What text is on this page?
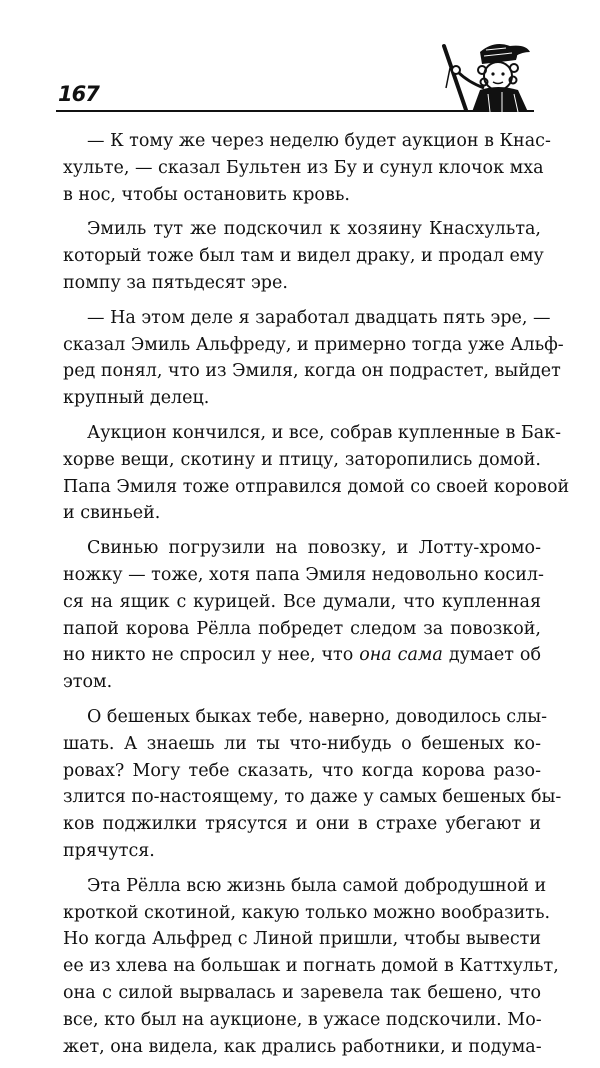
167

— К тому же через неделю будет аукцион в Кнас-
хульте, — сказал Бультен из Бу и сунул клочок мха
в нос, чтобы остановить кровь.

Эмиль тут же подскочил к хозяину Кнасхульта,
который тоже был там и видел драку, и продал ему
помпу за пятьдесят эре.

— На этом деле я заработал двадцать пять эре, —
сказал Эмиль Альфреду, и примерно тогда уже Альф-
ред понял, что из Эмиля, когда он подрастет, выйдет
крупный делец.

Аукцион кончился, и все, собрав купленные в Бак-
хорве вещи, скотину и птицу, заторопились домой.
Папа Эмиля тоже отправился домой со своей коровой
и свиньей.

Свинью погрузили на повозку, и Лотту-хромо-
ножку — тоже, хотя папа Эмиля недовольно косил-
ся на ящик с курицей. Все думали, что купленная
папой корова Рёлла побредет следом за повозкой,
но никто не спросил у нее, что она сама думает об
этом.

О бешеных быках тебе, наверно, доводилось слы-
шать. А знаешь ли ты что-нибудь о бешеных ко-
ровах? Могу тебе сказать, что когда корова разо-
злится по-настоящему, то даже у самых бешеных бы-
ков поджилки трясутся и они в страхе убегают и
прячутся.

Эта Рёлла всю жизнь была самой добродушной и
кроткой скотиной, какую только можно вообразить.
Но когда Альфред с Линой пришли, чтобы вывести
ее из хлева на большак и погнать домой в Каттхульт,
она с силой вырвалась и заревела так бешено, что
все, кто был на аукционе, в ужасе подскочили. Мо-
жет, она видела, как дрались работники, и подума-
